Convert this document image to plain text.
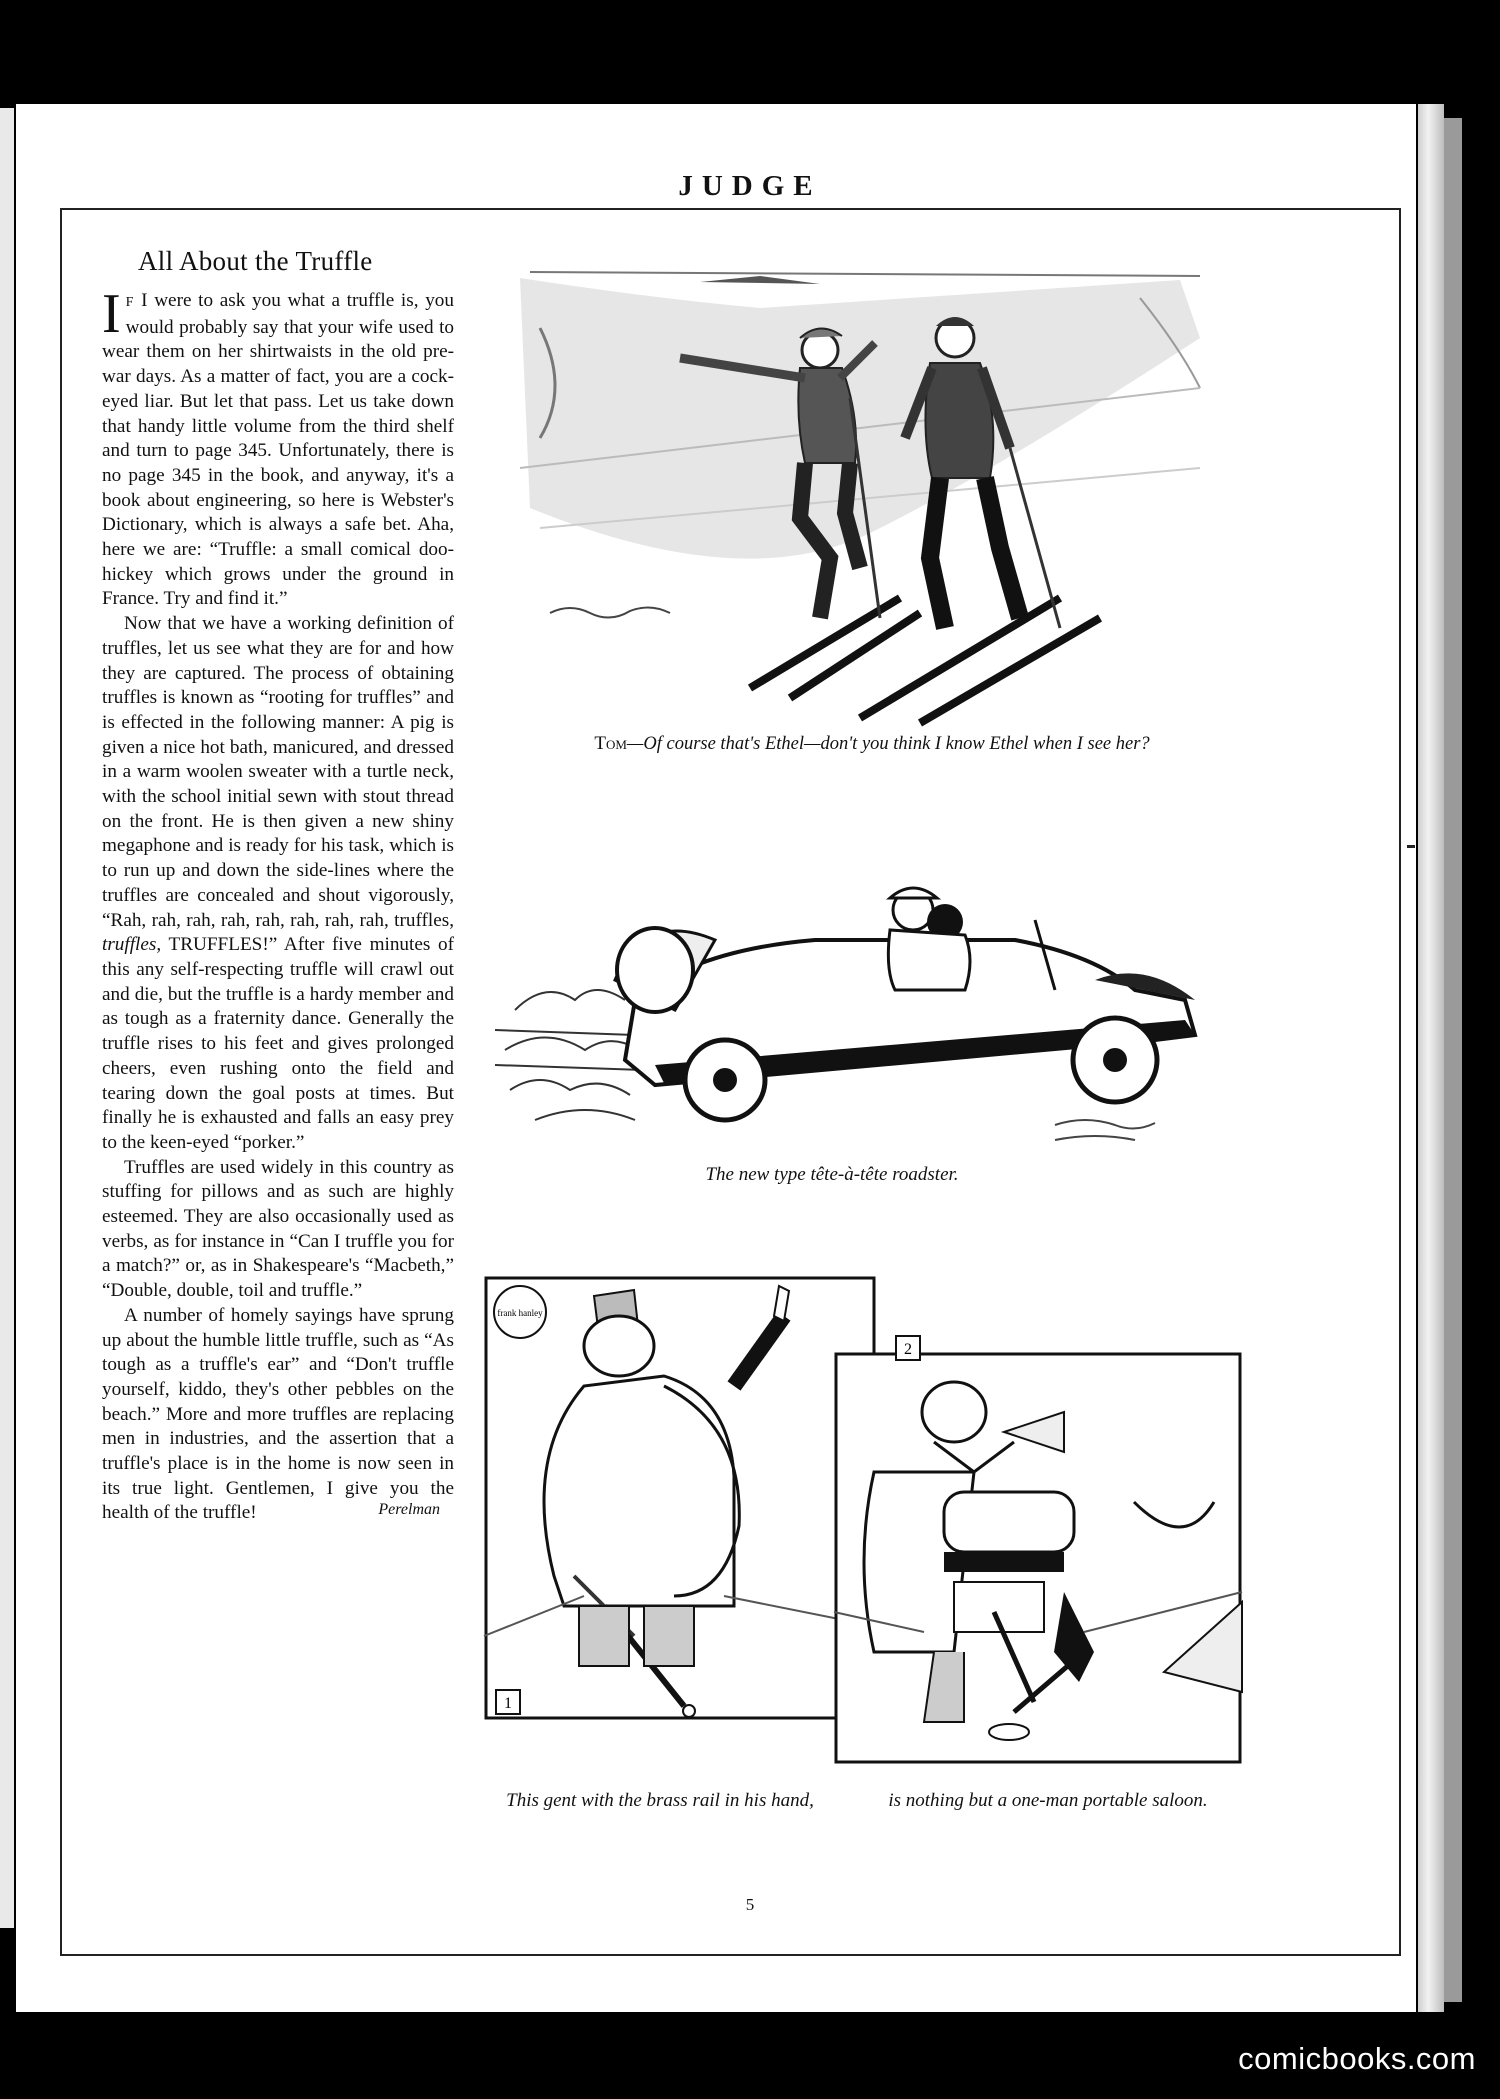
JUDGE
All About the Truffle

I F I were to ask you what a truffle is, you would probably say that your wife used to wear them on her shirtwaists in the old pre-war days. As a matter of fact, you are a cock-eyed liar. But let that pass. Let us take down that handy little volume from the third shelf and turn to page 345. Unfortunately, there is no page 345 in the book, and anyway, it's a book about engineering, so here is Webster's Dictionary, which is always a safe bet. Aha, here we are: “Truffle: a small comical doo-hickey which grows under the ground in France. Try and find it.”

Now that we have a working definition of truffles, let us see what they are for and how they are captured. The process of obtaining truffles is known as “rooting for truffles” and is effected in the following manner: A pig is given a nice hot bath, manicured, and dressed in a warm woolen sweater with a turtle neck, with the school initial sewn with stout thread on the front. He is then given a new shiny megaphone and is ready for his task, which is to run up and down the side-lines where the truffles are concealed and shout vigorously, “Rah, rah, rah, rah, rah, rah, rah, rah, truffles, truffles, TRUFFLES!” After five minutes of this any self-respecting truffle will crawl out and die, but the truffle is a hardy member and as tough as a fraternity dance. Generally the truffle rises to his feet and gives prolonged cheers, even rushing onto the field and tearing down the goal posts at times. But finally he is exhausted and falls an easy prey to the keen-eyed “porker.”

Truffles are used widely in this country as stuffing for pillows and as such are highly esteemed. They are also occasionally used as verbs, as for instance in “Can I truffle you for a match?” or, as in Shakespeare's “Macbeth,” “Double, double, toil and truffle.”

A number of homely sayings have sprung up about the humble little truffle, such as “As tough as a truffle's ear” and “Don't truffle yourself, kiddo, they's other pebbles on the beach.” More and more truffles are replacing men in industries, and the assertion that a truffle's place is in the home is now seen in its true light. Gentlemen, I give you the health of the truffle!	Perelman
Tom—Of course that's Ethel—don't you think I know Ethel when I see her?
The new type tête-à-tête roadster.
frank hanley
1
2
This gent with the brass rail in his hand,	is nothing but a one-man portable saloon.
5
comicbooks.com
